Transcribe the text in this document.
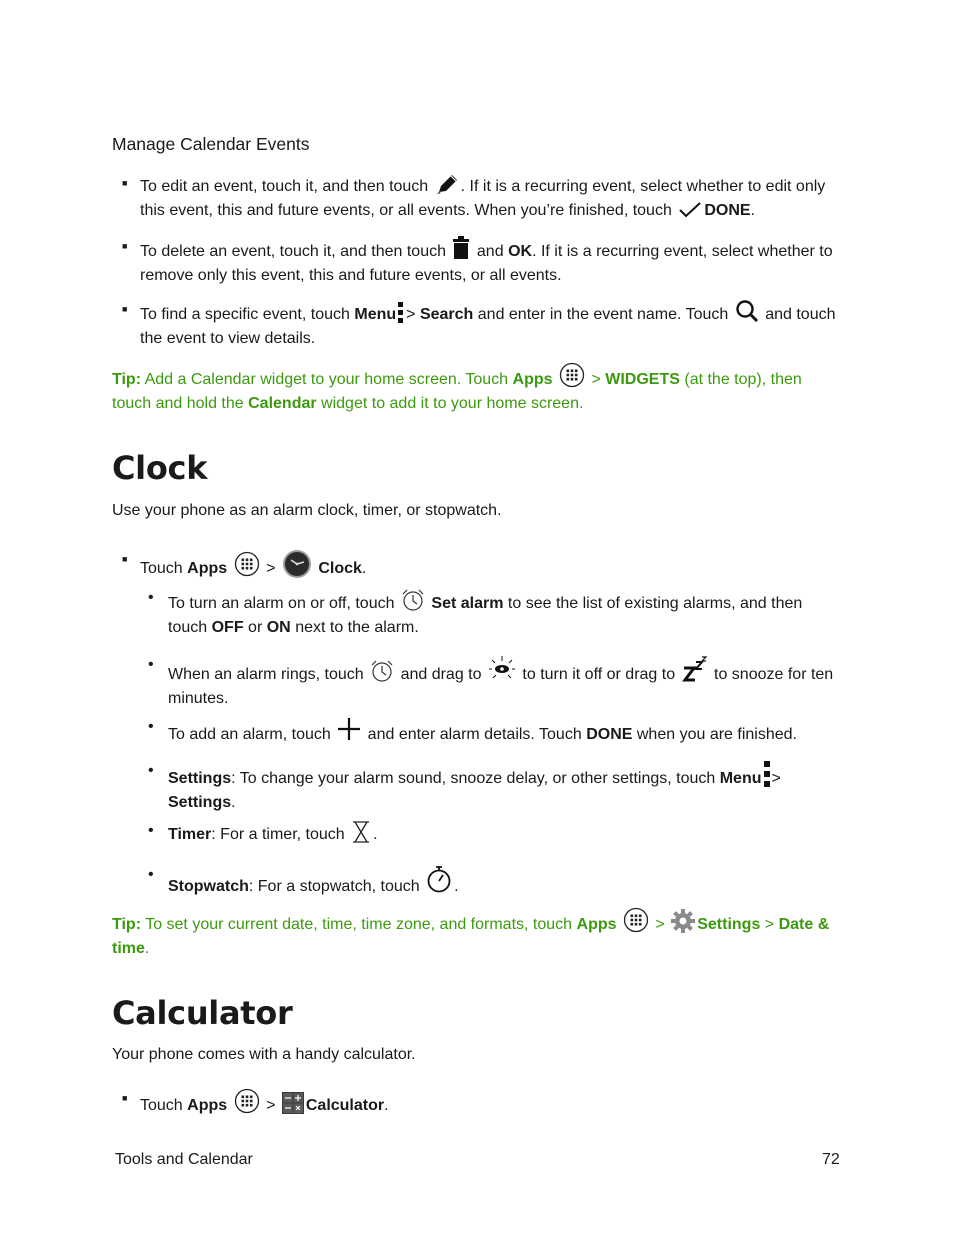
Manage Calendar Events
■ To edit an event, touch it, and then touch . If it is a recurring event, select whether to edit only this event, this and future events, or all events. When you’re finished, touch DONE.
■ To delete an event, touch it, and then touch and OK. If it is a recurring event, select whether to remove only this event, this and future events, or all events.
■ To find a specific event, touch Menu > Search and enter in the event name. Touch and touch the event to view details.
Tip: Add a Calendar widget to your home screen. Touch Apps > WIDGETS (at the top), then touch and hold the Calendar widget to add it to your home screen.
Clock
Use your phone as an alarm clock, timer, or stopwatch.
■
Touch Apps >	Clock.
• To turn an alarm on or off, touch Set alarm to see the list of existing alarms, and then touch OFF or ON next to the alarm.
•
When an alarm rings, touch and drag to	to turn it off or drag to to snooze for ten minutes.
• To add an alarm, touch and enter alarm details. Touch DONE when you are finished.
• Settings: To change your alarm sound, snooze delay, or other settings, touch Menu > Settings.
• Timer: For a timer, touch .
•
Stopwatch: For a stopwatch, touch .
Tip: To set your current date, time, time zone, and formats, touch Apps > Settings > Date & time.
Calculator
Your phone comes with a handy calculator.
■ Touch Apps > Calculator.
Tools and Calendar	72
